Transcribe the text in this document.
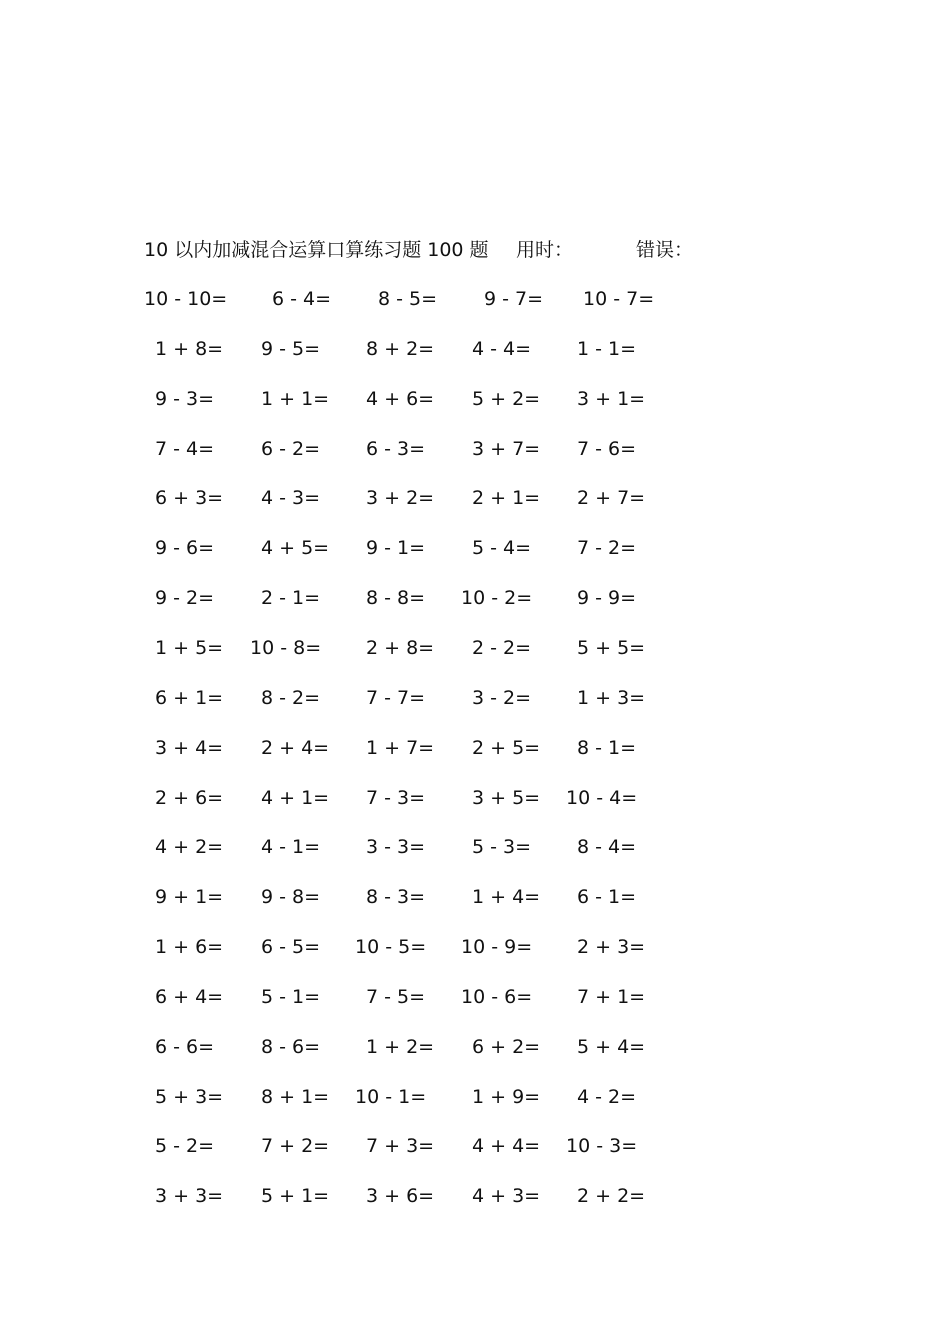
10 以内加减混合运算口算练习题 100 题 用时：	错误：
10 - 10= 6 - 4= 8 - 5= 9 - 7= 10 - 7=
1 + 8= 9 - 5= 8 + 2= 4 - 4= 1 - 1=
9 - 3= 1 + 1= 4 + 6= 5 + 2= 3 + 1=
7 - 4= 6 - 2= 6 - 3= 3 + 7= 7 - 6=
6 + 3= 4 - 3= 3 + 2= 2 + 1= 2 + 7=
9 - 6= 4 + 5= 9 - 1= 5 - 4= 7 - 2=
9 - 2= 2 - 1= 8 - 8= 10 - 2= 9 - 9=
1 + 5= 10 - 8= 2 + 8= 2 - 2= 5 + 5=
6 + 1= 8 - 2= 7 - 7= 3 - 2= 1 + 3=
3 + 4= 2 + 4= 1 + 7= 2 + 5= 8 - 1=
2 + 6= 4 + 1= 7 - 3= 3 + 5= 10 - 4=
4 + 2= 4 - 1= 3 - 3= 5 - 3= 8 - 4=
9 + 1= 9 - 8= 8 - 3= 1 + 4= 6 - 1=
1 + 6= 6 - 5= 10 - 5= 10 - 9= 2 + 3=
6 + 4= 5 - 1= 7 - 5= 10 - 6= 7 + 1=
6 - 6= 8 - 6= 1 + 2= 6 + 2= 5 + 4=
5 + 3= 8 + 1= 10 - 1= 1 + 9= 4 - 2=
5 - 2= 7 + 2= 7 + 3= 4 + 4= 10 - 3=
3 + 3= 5 + 1= 3 + 6= 4 + 3= 2 + 2=
